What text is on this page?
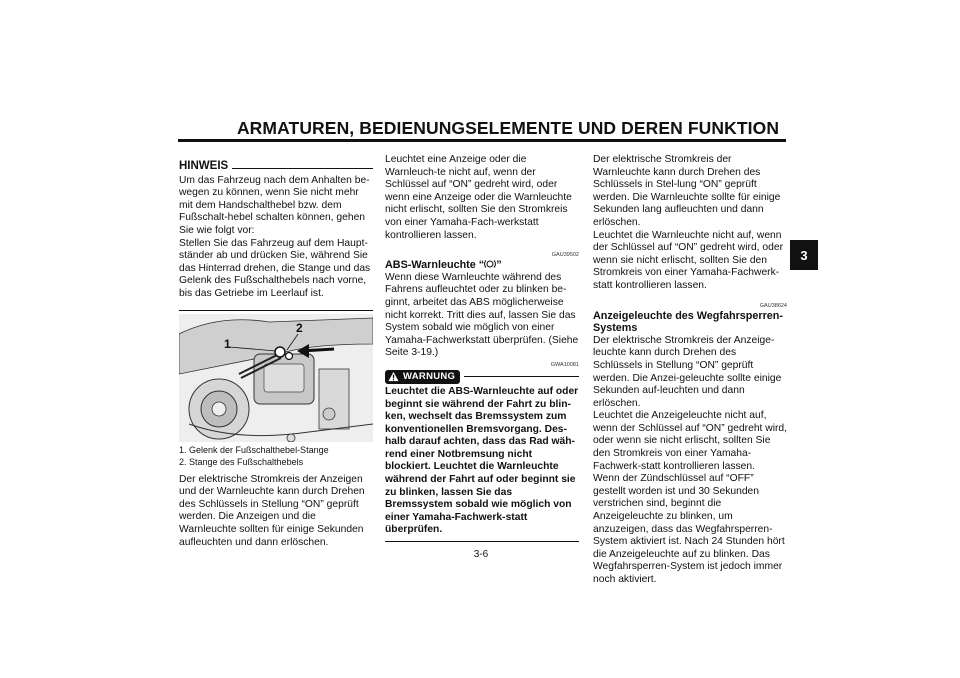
ARMATUREN, BEDIENUNGSELEMENTE UND DEREN FUNKTION
3
HINWEIS

Um das Fahrzeug nach dem Anhalten be-wegen zu können, wenn Sie nicht mehr mit dem Handschalthebel bzw. dem Fußschalt-hebel schalten können, gehen Sie wie folgt vor:

Stellen Sie das Fahrzeug auf dem Haupt-ständer ab und drücken Sie, während Sie das Hinterrad drehen, die Stange und das Gelenk des Fußschalthebels nach vorne, bis das Getriebe im Leerlauf ist.

1
2
1. Gelenk der Fußschalthebel-Stange
2. Stange des Fußschalthebels

Der elektrische Stromkreis der Anzeigen und der Warnleuchte kann durch Drehen des Schlüssels in Stellung “ON” geprüft werden. Die Anzeigen und die Warnleuchte sollten für einige Sekunden aufleuchten und dann erlöschen.

Leuchtet eine Anzeige oder die Warnleuch-te nicht auf, wenn der Schlüssel auf “ON” gedreht wird, oder wenn eine Anzeige oder die Warnleuchte nicht erlischt, sollten Sie den Stromkreis von einer Yamaha-Fach-werkstatt kontrollieren lassen.

GAU39502
ABS-Warnleuchte “ ”

Wenn diese Warnleuchte während des Fahrens aufleuchtet oder zu blinken be-ginnt, arbeitet das ABS möglicherweise nicht korrekt. Tritt dies auf, lassen Sie das System sobald wie möglich von einer Yamaha-Fachwerkstatt überprüfen. (Siehe Seite 3-19.)

GWA10081
WARNUNG

Leuchtet die ABS-Warnleuchte auf oder beginnt sie während der Fahrt zu blin-ken, wechselt das Bremssystem zum konventionellen Bremsvorgang. Des-halb darauf achten, dass das Rad wäh-rend einer Notbremsung nicht blockiert. Leuchtet die Warnleuchte während der Fahrt auf oder beginnt sie zu blinken, lassen Sie das Bremssystem sobald wie möglich von einer Yamaha-Fachwerk-statt überprüfen.

Der elektrische Stromkreis der Warnleuchte kann durch Drehen des Schlüssels in Stel-lung “ON” geprüft werden. Die Warnleuchte sollte für einige Sekunden lang aufleuchten und dann erlöschen.

Leuchtet die Warnleuchte nicht auf, wenn der Schlüssel auf “ON” gedreht wird, oder wenn sie nicht erlischt, sollten Sie den Stromkreis von einer Yamaha-Fachwerk-statt kontrollieren lassen.

GAU38624
Anzeigeleuchte des Wegfahrsperren-Systems

Der elektrische Stromkreis der Anzeige-leuchte kann durch Drehen des Schlüssels in Stellung “ON” geprüft werden. Die Anzei-geleuchte sollte einige Sekunden auf-leuchten und dann erlöschen.

Leuchtet die Anzeigeleuchte nicht auf, wenn der Schlüssel auf “ON” gedreht wird, oder wenn sie nicht erlischt, sollten Sie den Stromkreis von einer Yamaha-Fachwerk-statt kontrollieren lassen.

Wenn der Zündschlüssel auf “OFF” gestellt worden ist und 30 Sekunden verstrichen sind, beginnt die Anzeigeleuchte zu blinken, um anzuzeigen, dass das Wegfahrsperren-System aktiviert ist. Nach 24 Stunden hört die Anzeigeleuchte auf zu blinken. Das Wegfahrsperren-System ist jedoch immer noch aktiviert.

3-6
